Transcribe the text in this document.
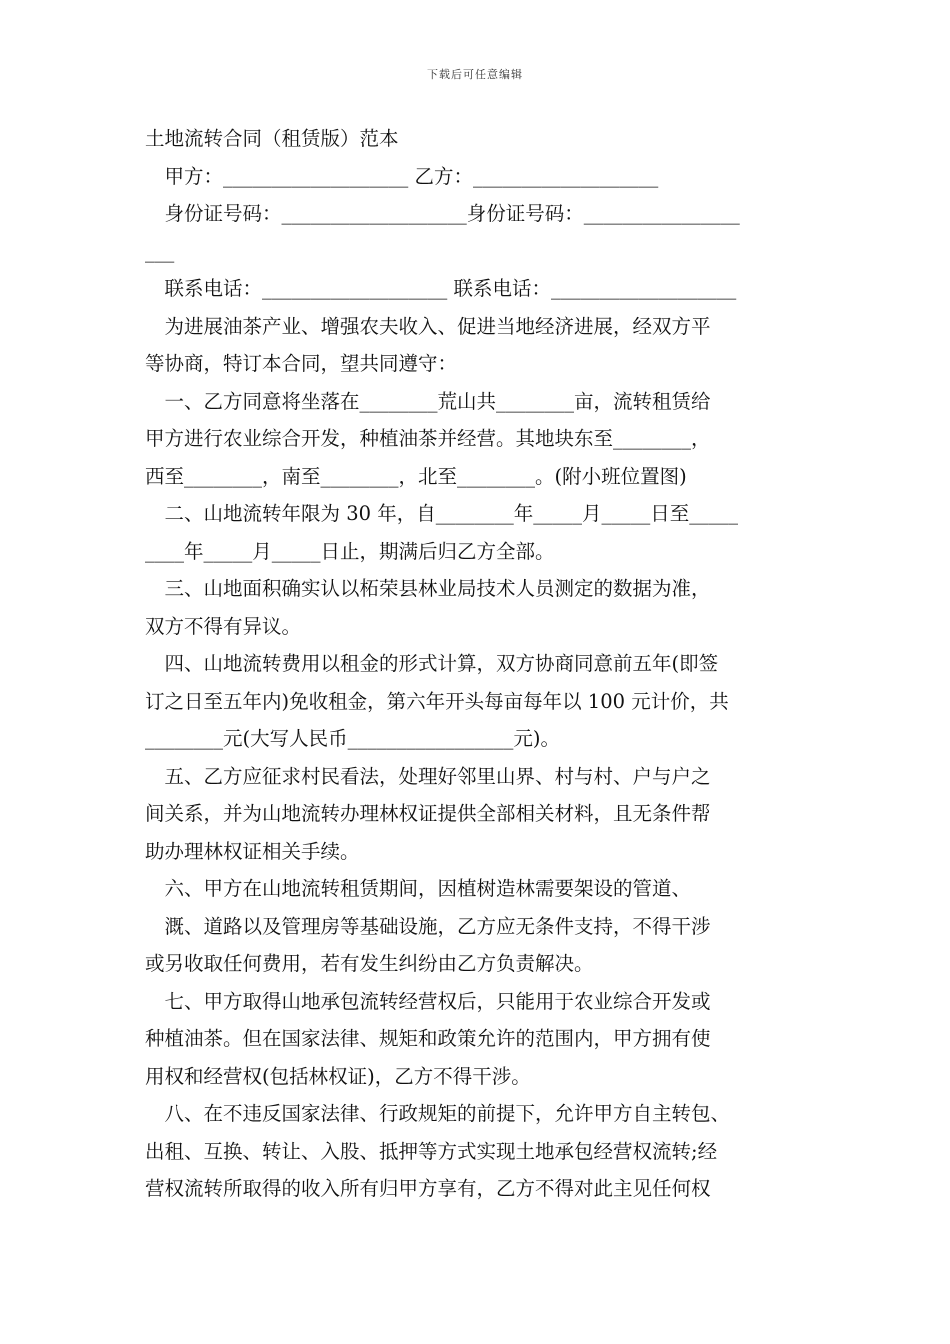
下载后可任意编辑
土地流转合同（租赁版）范本
　甲方：___________________ 乙方：___________________
　身份证号码：___________________身份证号码：________________
___
　联系电话：___________________ 联系电话：___________________
　为进展油茶产业、增强农夫收入、促进当地经济进展，经双方平
等协商，特订本合同，望共同遵守：
　一、乙方同意将坐落在________荒山共________亩，流转租赁给
甲方进行农业综合开发，种植油茶并经营。其地块东至________，
西至________，南至________，北至________。(附小班位置图)
　二、山地流转年限为 30 年，自________年_____月_____日至_____
____年_____月_____日止，期满后归乙方全部。
　三、山地面积确实认以柘荣县林业局技术人员测定的数据为准，
双方不得有异议。
　四、山地流转费用以租金的形式计算，双方协商同意前五年(即签
订之日至五年内)免收租金，第六年开头每亩每年以 100 元计价，共
________元(大写人民币_________________元)。
　五、乙方应征求村民看法，处理好邻里山界、村与村、户与户之
间关系，并为山地流转办理林权证提供全部相关材料，且无条件帮
助办理林权证相关手续。
　六、甲方在山地流转租赁期间，因植树造林需要架设的管道、
　溉、道路以及管理房等基础设施，乙方应无条件支持，不得干涉
或另收取任何费用，若有发生纠纷由乙方负责解决。
　七、甲方取得山地承包流转经营权后，只能用于农业综合开发或
种植油茶。但在国家法律、规矩和政策允许的范围内，甲方拥有使
用权和经营权(包括林权证)，乙方不得干涉。
　八、在不违反国家法律、行政规矩的前提下，允许甲方自主转包、
出租、互换、转让、入股、抵押等方式实现土地承包经营权流转;经
营权流转所取得的收入所有归甲方享有，乙方不得对此主见任何权
